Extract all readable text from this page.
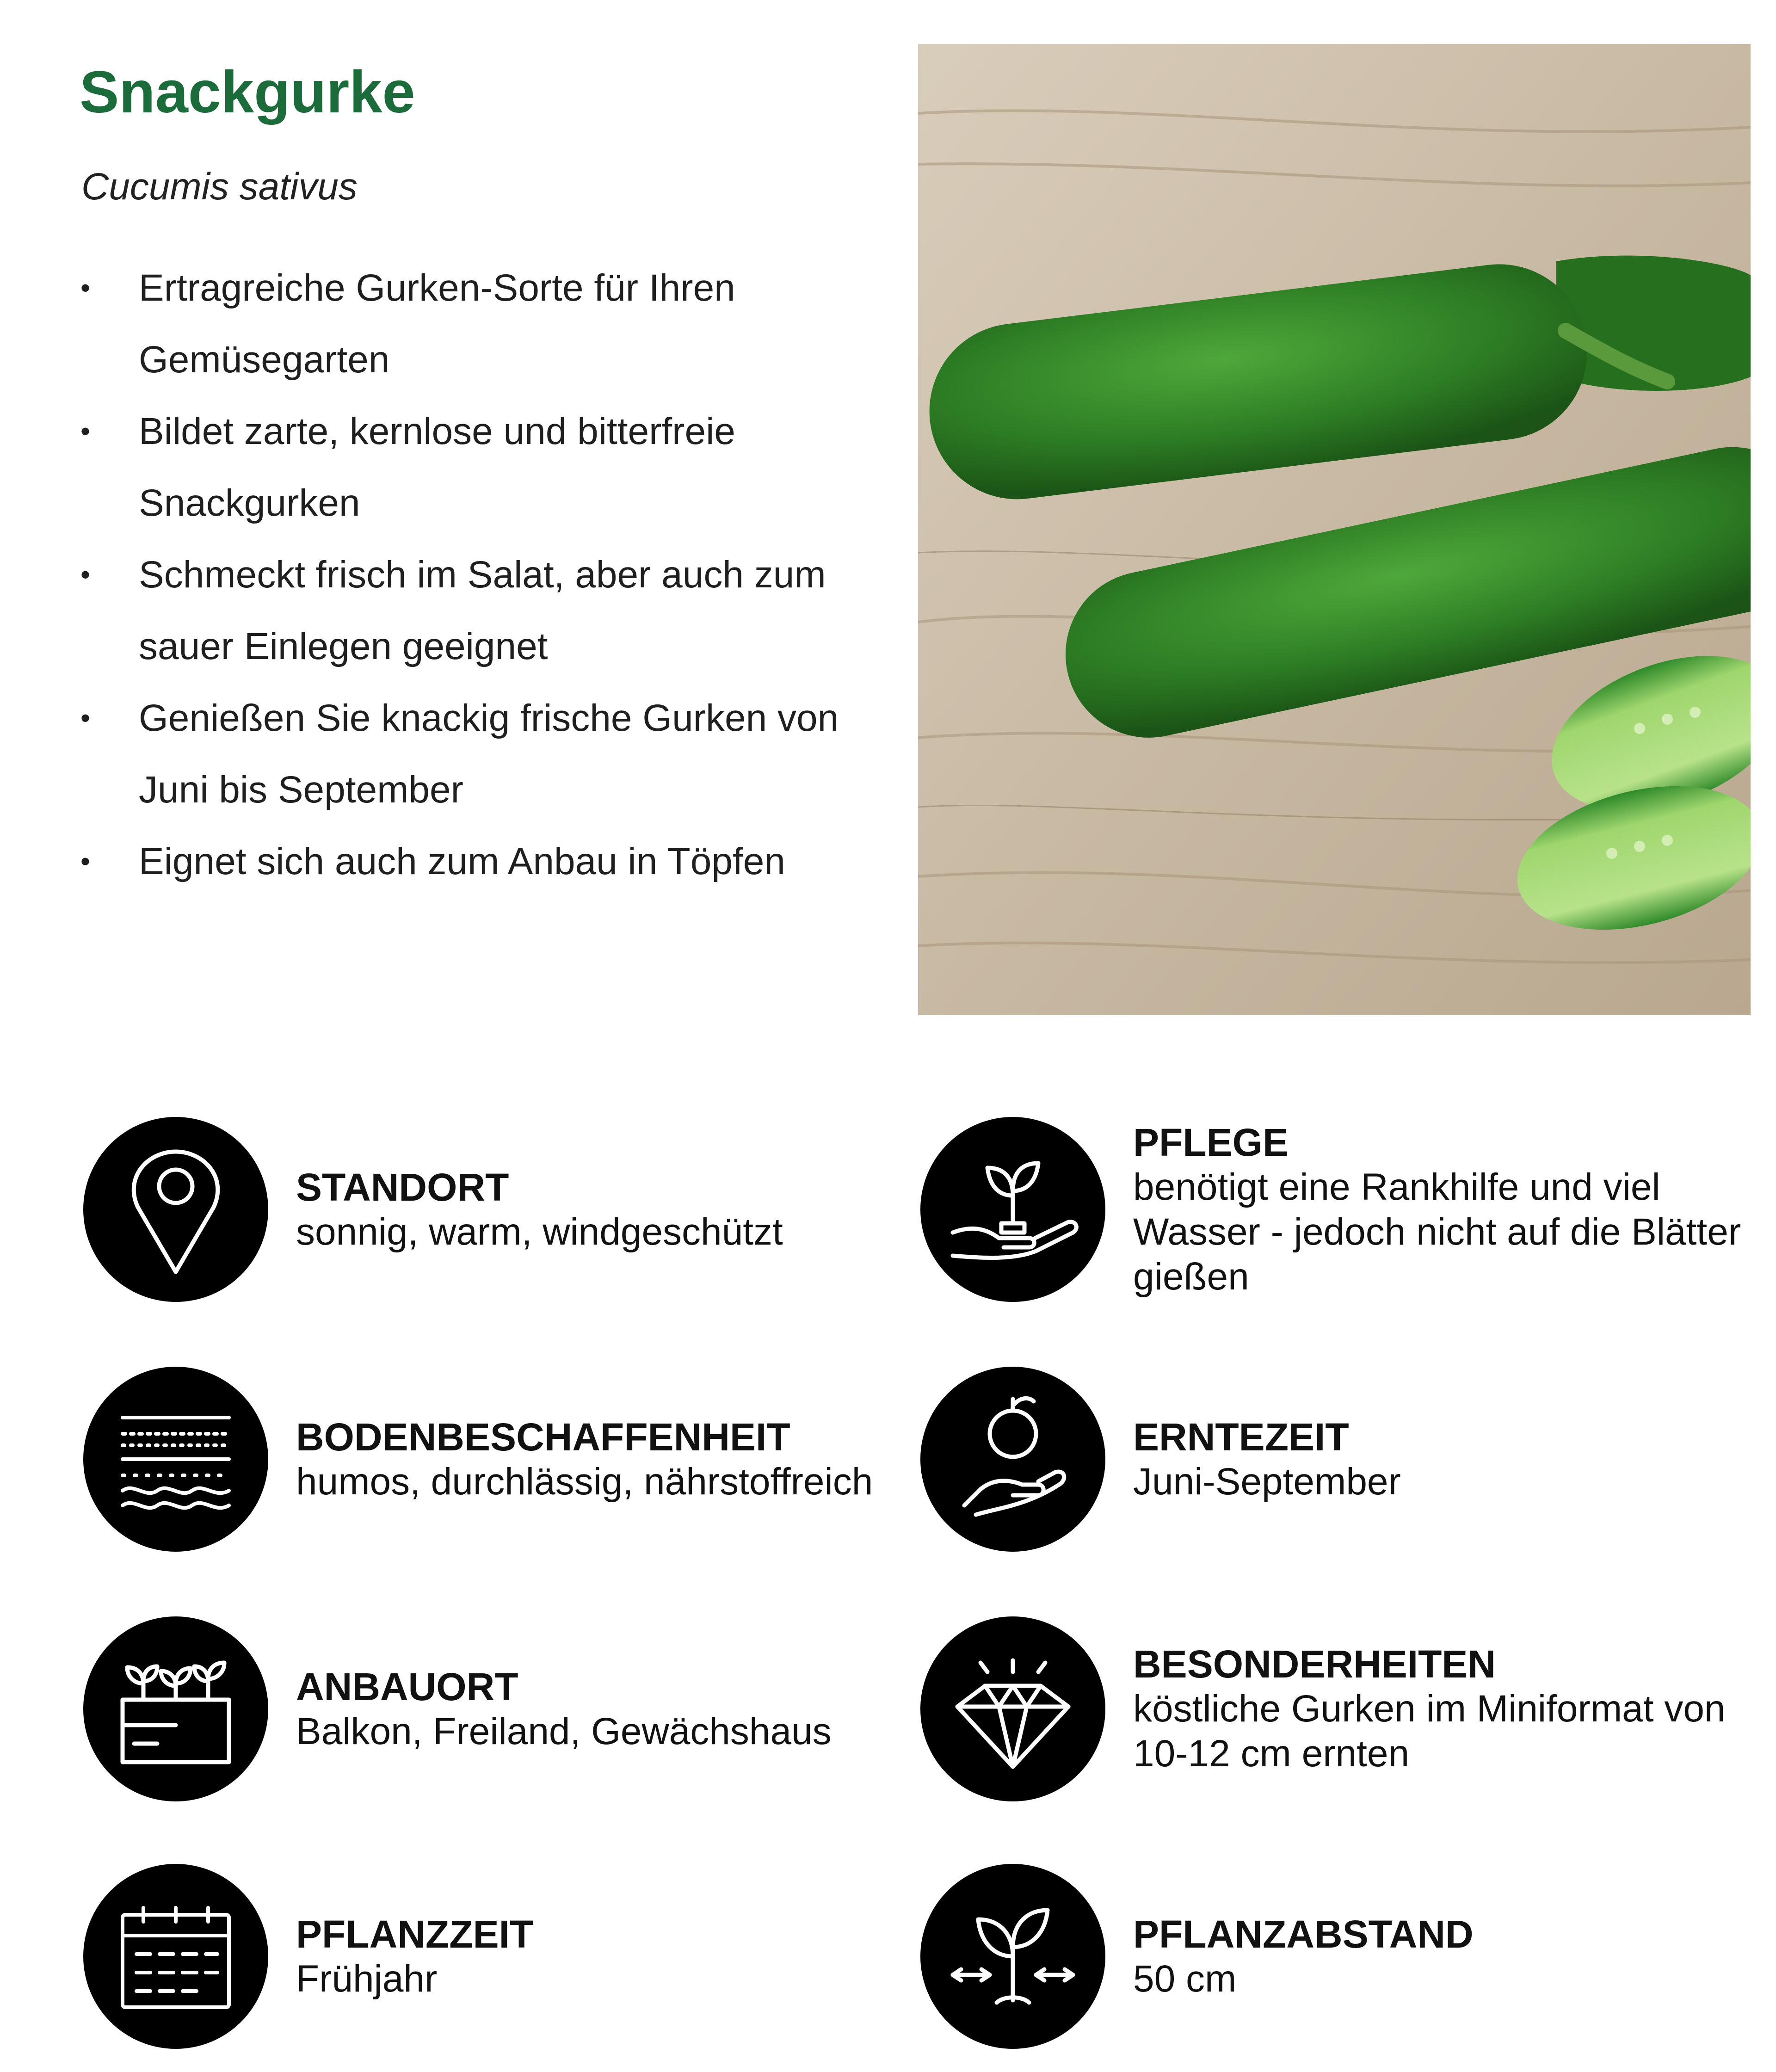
Snackgurke

Cucumis sativus

• Ertragreiche Gurken-Sorte für Ihren Gemüsegarten
• Bildet zarte, kernlose und bitterfreie Snackgurken
• Schmeckt frisch im Salat, aber auch zum sauer Einlegen geeignet
• Genießen Sie knackig frische Gurken von Juni bis September
• Eignet sich auch zum Anbau in Töpfen
STANDORT
sonnig, warm, windgeschützt
PFLEGE
benötigt eine Rankhilfe und viel Wasser - jedoch nicht auf die Blätter gießen
BODENBESCHAFFENHEIT
humos, durchlässig, nährstoffreich
ERNTEZEIT
Juni-September
ANBAUORT
Balkon, Freiland, Gewächshaus
BESONDERHEITEN
köstliche Gurken im Miniformat von 10-12 cm ernten
PFLANZZEIT
Frühjahr
PFLANZABSTAND
50 cm
